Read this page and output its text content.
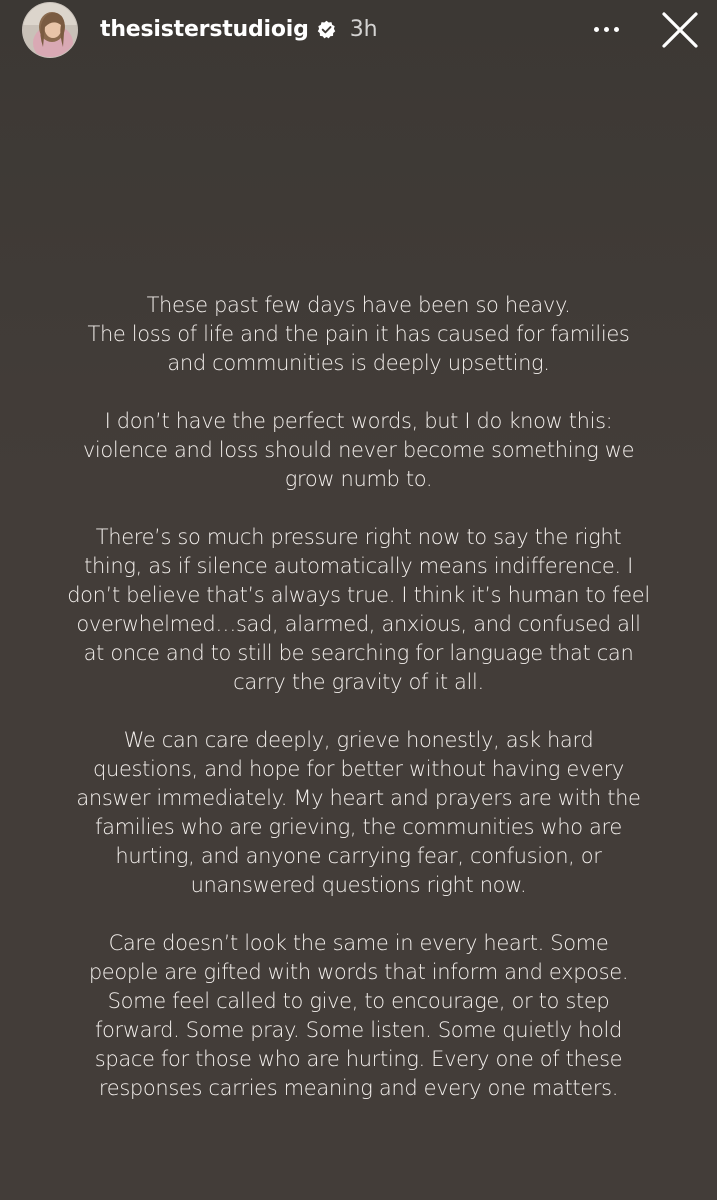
thesisterstudioig 3h
These past few days have been so heavy.
The loss of life and the pain it has caused for families
and communities is deeply upsetting.
I don’t have the perfect words, but I do know this:
violence and loss should never become something we
grow numb to.
There’s so much pressure right now to say the right
thing, as if silence automatically means indifference. I
don’t believe that’s always true. I think it’s human to feel
overwhelmed…sad, alarmed, anxious, and confused all
at once and to still be searching for language that can
carry the gravity of it all.
We can care deeply, grieve honestly, ask hard
questions, and hope for better without having every
answer immediately. My heart and prayers are with the
families who are grieving, the communities who are
hurting, and anyone carrying fear, confusion, or
unanswered questions right now.
Care doesn’t look the same in every heart. Some
people are gifted with words that inform and expose.
Some feel called to give, to encourage, or to step
forward. Some pray. Some listen. Some quietly hold
space for those who are hurting. Every one of these
responses carries meaning and every one matters.
